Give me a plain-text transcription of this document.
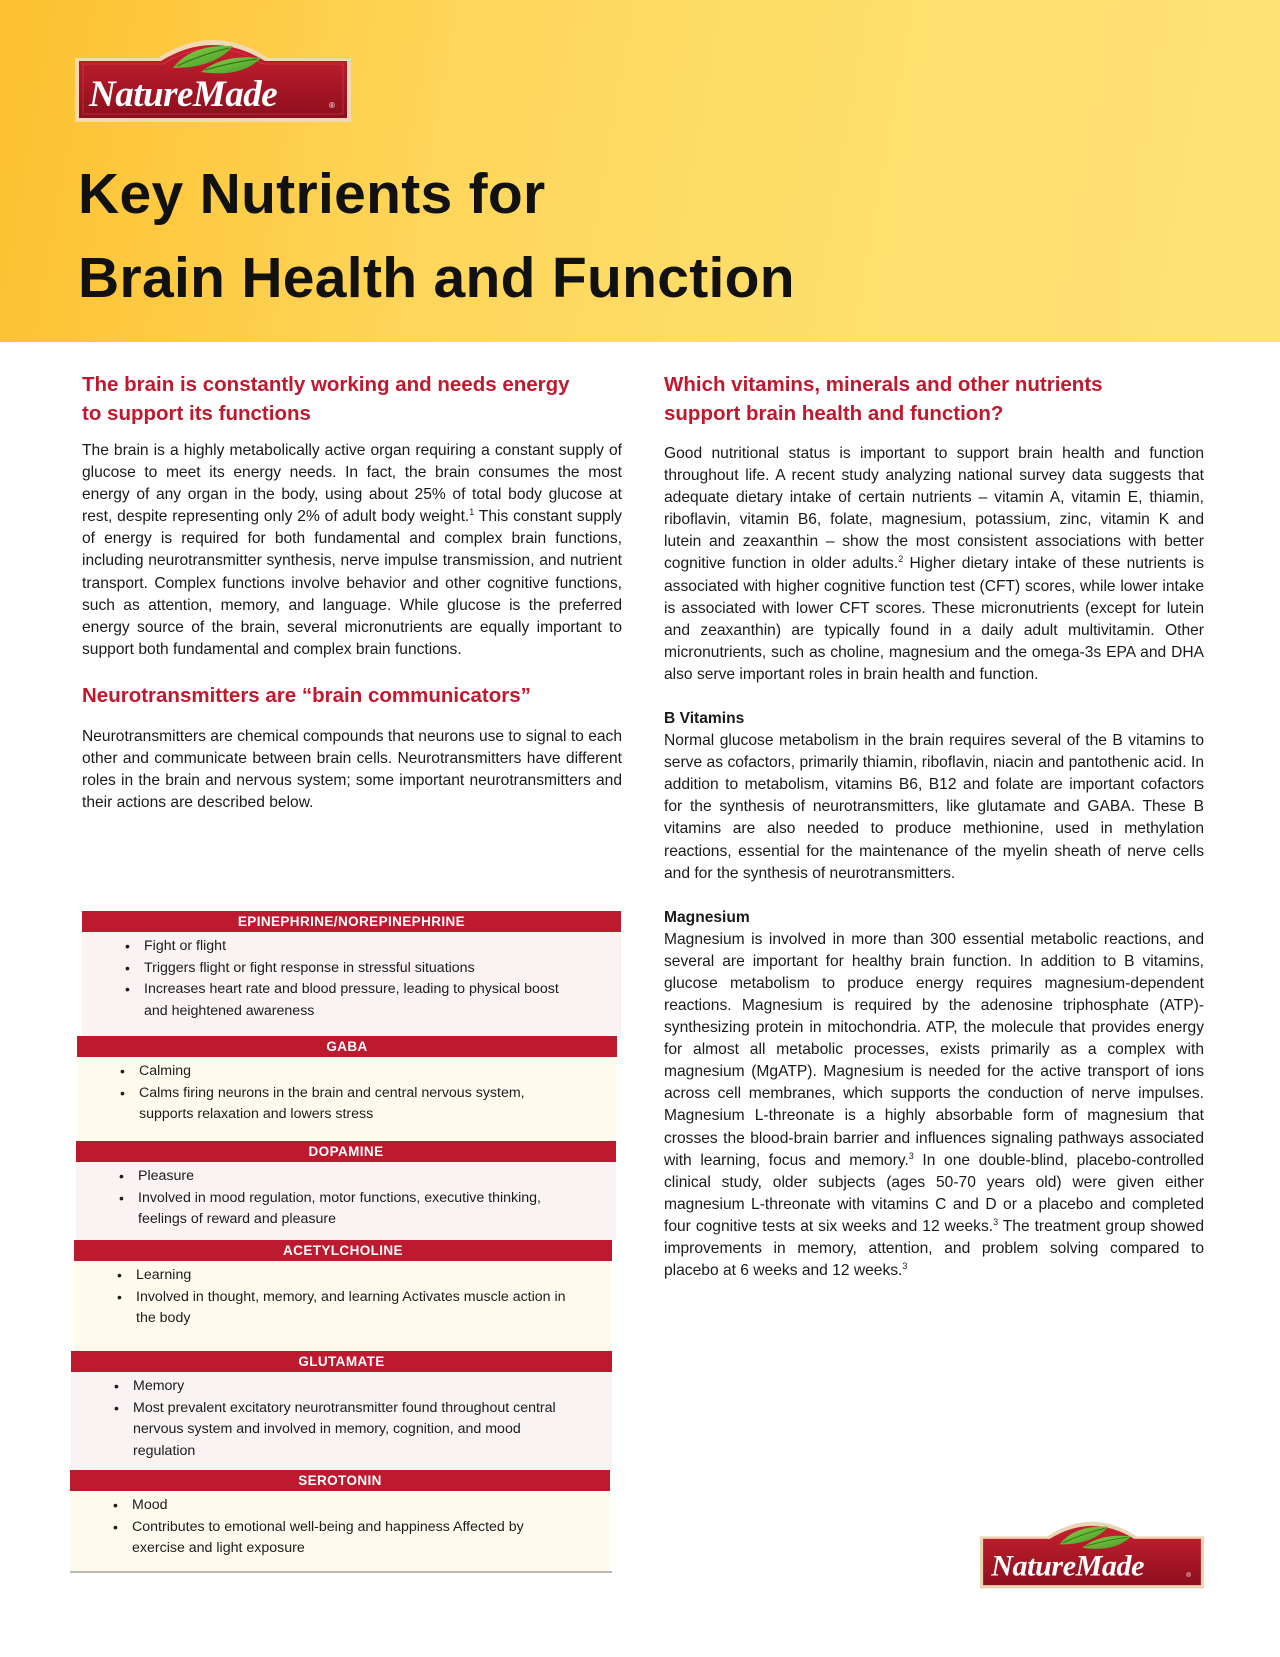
NatureMade	®
Key Nutrients for
Brain Health and Function
The brain is constantly working and needs energy
to support its functions

The brain is a highly metabolically active organ requiring a constant supply of glucose to meet its energy needs. In fact, the brain consumes the most energy of any organ in the body, using about 25% of total body glucose at rest, despite representing only 2% of adult body weight.$^1$ This constant supply of energy is required for both fundamental and complex brain functions, including neurotransmitter synthesis, nerve impulse transmission, and nutrient transport. Complex functions involve behavior and other cognitive functions, such as attention, memory, and language. While glucose is the preferred energy source of the brain, several micronutrients are equally important to support both fundamental and complex brain functions.

Neurotransmitters are “brain communicators”

Neurotransmitters are chemical compounds that neurons use to signal to each other and communicate between brain cells. Neurotransmitters have different roles in the brain and nervous system; some important neurotransmitters and their actions are described below.

EPINEPHRINE/NOREPINEPHRINE
• Fight or flight
• Triggers flight or fight response in stressful situations
• Increases heart rate and blood pressure, leading to physical boost and heightened awareness
GABA
• Calming
• Calms firing neurons in the brain and central nervous system, supports relaxation and lowers stress
DOPAMINE
• Pleasure
• Involved in mood regulation, motor functions, executive thinking, feelings of reward and pleasure
ACETYLCHOLINE
• Learning
• Involved in thought, memory, and learning Activates muscle action in the body
GLUTAMATE
• Memory
• Most prevalent excitatory neurotransmitter found throughout central nervous system and involved in memory, cognition, and mood regulation
SEROTONIN
• Mood
• Contributes to emotional well-being and happiness Affected by exercise and light exposure
Which vitamins, minerals and other nutrients
support brain health and function?

Good nutritional status is important to support brain health and function throughout life. A recent study analyzing national survey data suggests that adequate dietary intake of certain nutrients – vitamin A, vitamin E, thiamin, riboflavin, vitamin B6, folate, magnesium, potassium, zinc, vitamin K and lutein and zeaxanthin – show the most consistent associations with better cognitive function in older adults.$^2$ Higher dietary intake of these nutrients is associated with higher cognitive function test (CFT) scores, while lower intake is associated with lower CFT scores. These micronutrients (except for lutein and zeaxanthin) are typically found in a daily adult multivitamin. Other micronutrients, such as choline, magnesium and the omega-3s EPA and DHA also serve important roles in brain health and function.

B Vitamins

Normal glucose metabolism in the brain requires several of the B vitamins to serve as cofactors, primarily thiamin, riboflavin, niacin and pantothenic acid. In addition to metabolism, vitamins B6, B12 and folate are important cofactors for the synthesis of neurotransmitters, like glutamate and GABA. These B vitamins are also needed to produce methionine, used in methylation reactions, essential for the maintenance of the myelin sheath of nerve cells and for the synthesis of neurotransmitters.

Magnesium

Magnesium is involved in more than 300 essential metabolic reactions, and several are important for healthy brain function. In addition to B vitamins, glucose metabolism to produce energy requires magnesium-dependent reactions. Magnesium is required by the adenosine triphosphate (ATP)-synthesizing protein in mitochondria. ATP, the molecule that provides energy for almost all metabolic processes, exists primarily as a complex with magnesium (MgATP). Magnesium is needed for the active transport of ions across cell membranes, which supports the conduction of nerve impulses. Magnesium L-threonate is a highly absorbable form of magnesium that crosses the blood-brain barrier and influences signaling pathways associated with learning, focus and memory.$^3$ In one double-blind, placebo-controlled clinical study, older subjects (ages 50-70 years old) were given either magnesium L-threonate with vitamins C and D or a placebo and completed four cognitive tests at six weeks and 12 weeks.$^3$ The treatment group showed improvements in memory, attention, and problem solving compared to placebo at 6 weeks and 12 weeks.$^3$

NatureMade	®
